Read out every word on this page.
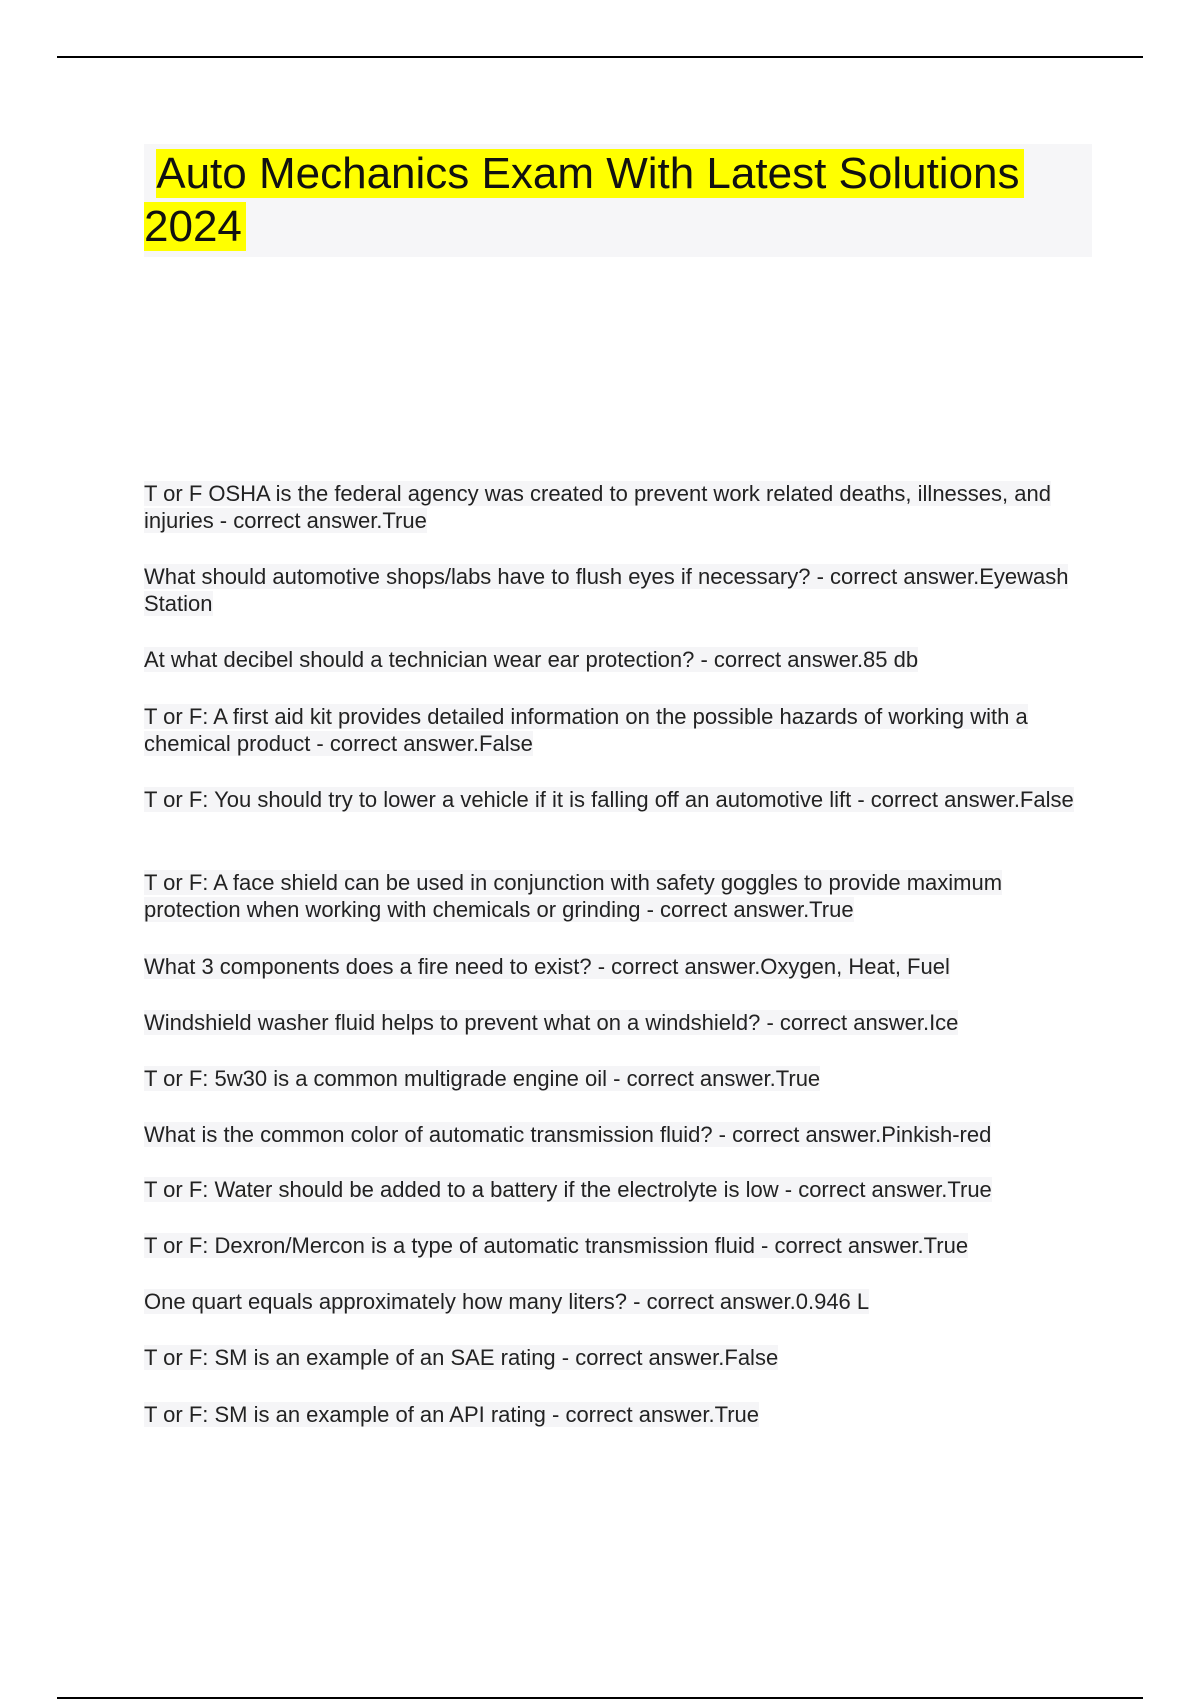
Auto Mechanics Exam With Latest Solutions 2024

T or F OSHA is the federal agency was created to prevent work related deaths, illnesses, and injuries - correct answer.True

What should automotive shops/labs have to flush eyes if necessary? - correct answer.Eyewash Station

At what decibel should a technician wear ear protection? - correct answer.85 db

T or F: A first aid kit provides detailed information on the possible hazards of working with a chemical product - correct answer.False

T or F: You should try to lower a vehicle if it is falling off an automotive lift - correct answer.False

T or F: A face shield can be used in conjunction with safety goggles to provide maximum protection when working with chemicals or grinding - correct answer.True

What 3 components does a fire need to exist? - correct answer.Oxygen, Heat, Fuel

Windshield washer fluid helps to prevent what on a windshield? - correct answer.Ice

T or F: 5w30 is a common multigrade engine oil - correct answer.True

What is the common color of automatic transmission fluid? - correct answer.Pinkish-red

T or F: Water should be added to a battery if the electrolyte is low - correct answer.True

T or F: Dexron/Mercon is a type of automatic transmission fluid - correct answer.True

One quart equals approximately how many liters? - correct answer.0.946 L

T or F: SM is an example of an SAE rating - correct answer.False

T or F: SM is an example of an API rating - correct answer.True
